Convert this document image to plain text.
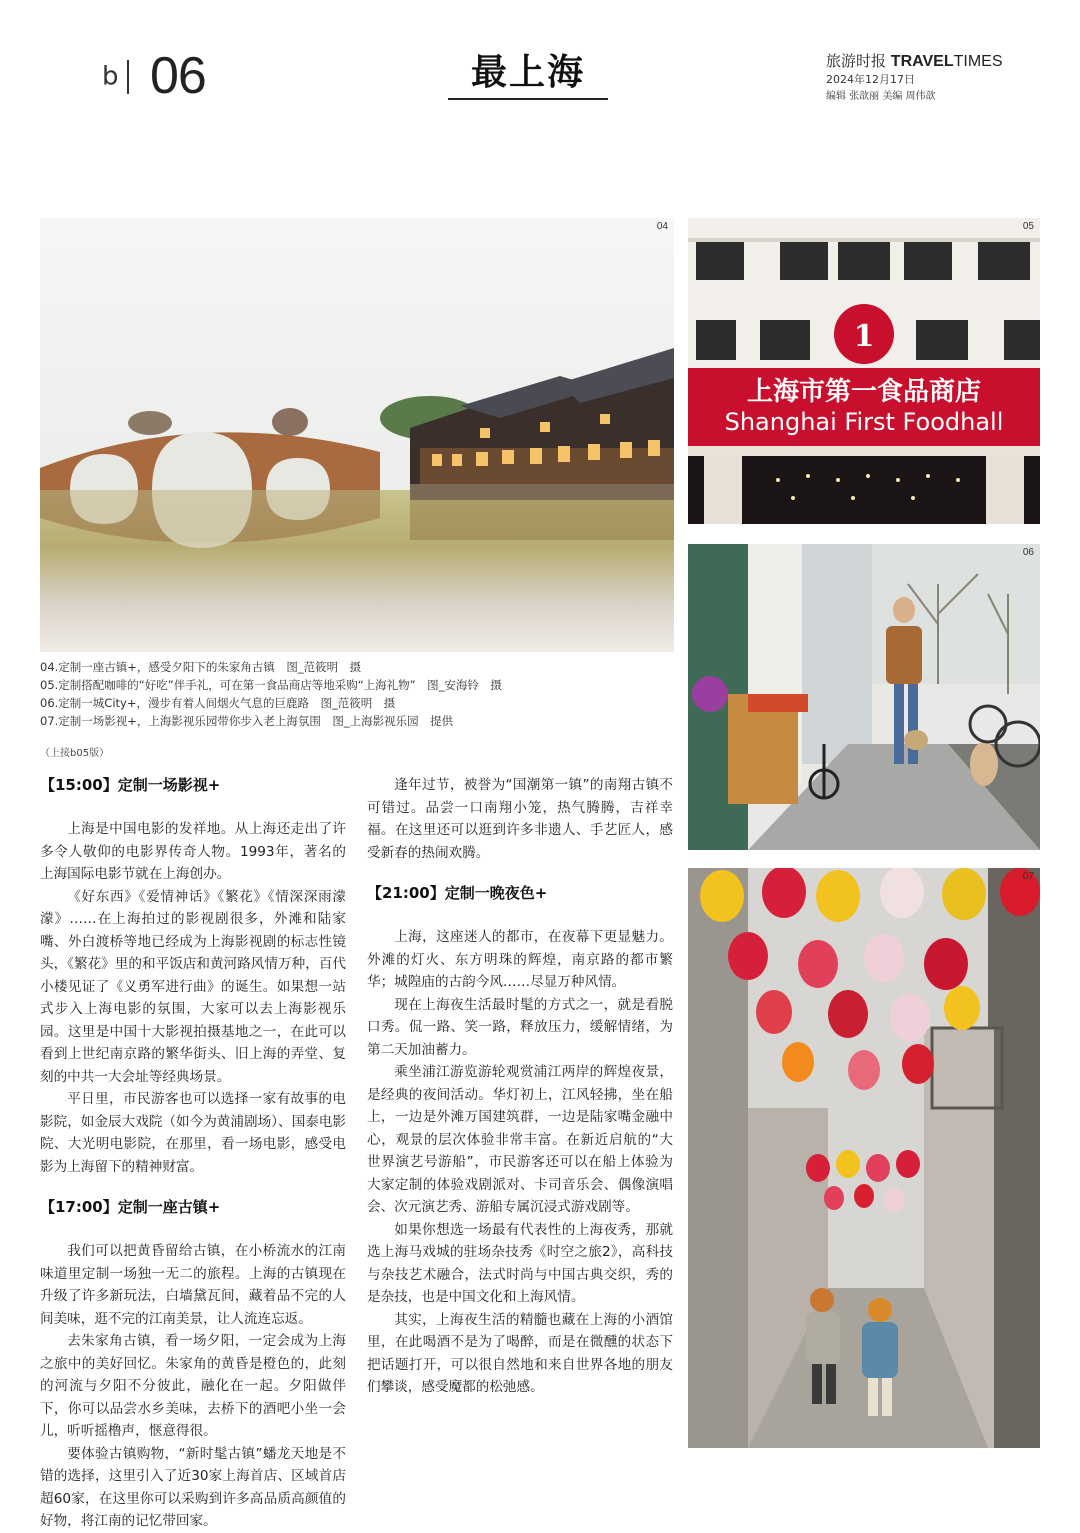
b 06	最上海	旅游时报 TRAVELTIMES
2024年12月17日
编辑 张歆丽 美编 周伟歆
04
1
上海市第一食品商店
Shanghai First Foodhall
05
06
07
04.定制一座古镇+，感受夕阳下的朱家角古镇　图_范筱明　摄
05.定制搭配咖啡的“好吃”伴手礼，可在第一食品商店等地采购“上海礼物”　图_安海铃　摄
06.定制一城City+，漫步有着人间烟火气息的巨鹿路　图_范筱明　摄
07.定制一场影视+，上海影视乐园带你步入老上海氛围　图_上海影视乐园　提供
（上接b05版）
【15:00】定制一场影视+

上海是中国电影的发祥地。从上海还走出了许多令人敬仰的电影界传奇人物。1993年，著名的上海国际电影节就在上海创办。

《好东西》《爱情神话》《繁花》《情深深雨濛濛》……在上海拍过的影视剧很多，外滩和陆家嘴、外白渡桥等地已经成为上海影视剧的标志性镜头，《繁花》里的和平饭店和黄河路风情万种，百代小楼见证了《义勇军进行曲》的诞生。如果想一站式步入上海电影的氛围，大家可以去上海影视乐园。这里是中国十大影视拍摄基地之一，在此可以看到上世纪南京路的繁华街头、旧上海的弄堂、复刻的中共一大会址等经典场景。

平日里，市民游客也可以选择一家有故事的电影院，如金辰大戏院（如今为黄浦剧场）、国泰电影院、大光明电影院，在那里，看一场电影，感受电影为上海留下的精神财富。

【17:00】定制一座古镇+

我们可以把黄昏留给古镇，在小桥流水的江南味道里定制一场独一无二的旅程。上海的古镇现在升级了许多新玩法，白墙黛瓦间，藏着品不完的人间美味，逛不完的江南美景，让人流连忘返。

去朱家角古镇，看一场夕阳，一定会成为上海之旅中的美好回忆。朱家角的黄昏是橙色的，此刻的河流与夕阳不分彼此，融化在一起。夕阳做伴下，你可以品尝水乡美味，去桥下的酒吧小坐一会儿，听听摇橹声，惬意得很。

要体验古镇购物，“新时髦古镇”蟠龙天地是不错的选择，这里引入了近30家上海首店、区域首店超60家，在这里你可以采购到许多高品质高颜值的好物，将江南的记忆带回家。

逢年过节，被誉为“国潮第一镇”的南翔古镇不可错过。品尝一口南翔小笼，热气腾腾，吉祥幸福。在这里还可以逛到许多非遗人、手艺匠人，感受新春的热闹欢腾。

【21:00】定制一晚夜色+

上海，这座迷人的都市，在夜幕下更显魅力。外滩的灯火、东方明珠的辉煌，南京路的都市繁华；城隍庙的古韵今风……尽显万种风情。

现在上海夜生活最时髦的方式之一，就是看脱口秀。侃一路、笑一路，释放压力，缓解情绪，为第二天加油蓄力。

乘坐浦江游览游轮观赏浦江两岸的辉煌夜景，是经典的夜间活动。华灯初上，江风轻拂，坐在船上，一边是外滩万国建筑群，一边是陆家嘴金融中心，观景的层次体验非常丰富。在新近启航的“大世界演艺号游船”，市民游客还可以在船上体验为大家定制的体验戏剧派对、卡司音乐会、偶像演唱会、次元演艺秀、游船专属沉浸式游戏剧等。

如果你想选一场最有代表性的上海夜秀，那就选上海马戏城的驻场杂技秀《时空之旅2》，高科技与杂技艺术融合，法式时尚与中国古典交织，秀的是杂技，也是中国文化和上海风情。

其实，上海夜生活的精髓也藏在上海的小酒馆里，在此喝酒不是为了喝醉，而是在微醺的状态下把话题打开，可以很自然地和来自世界各地的朋友们攀谈，感受魔都的松弛感。
